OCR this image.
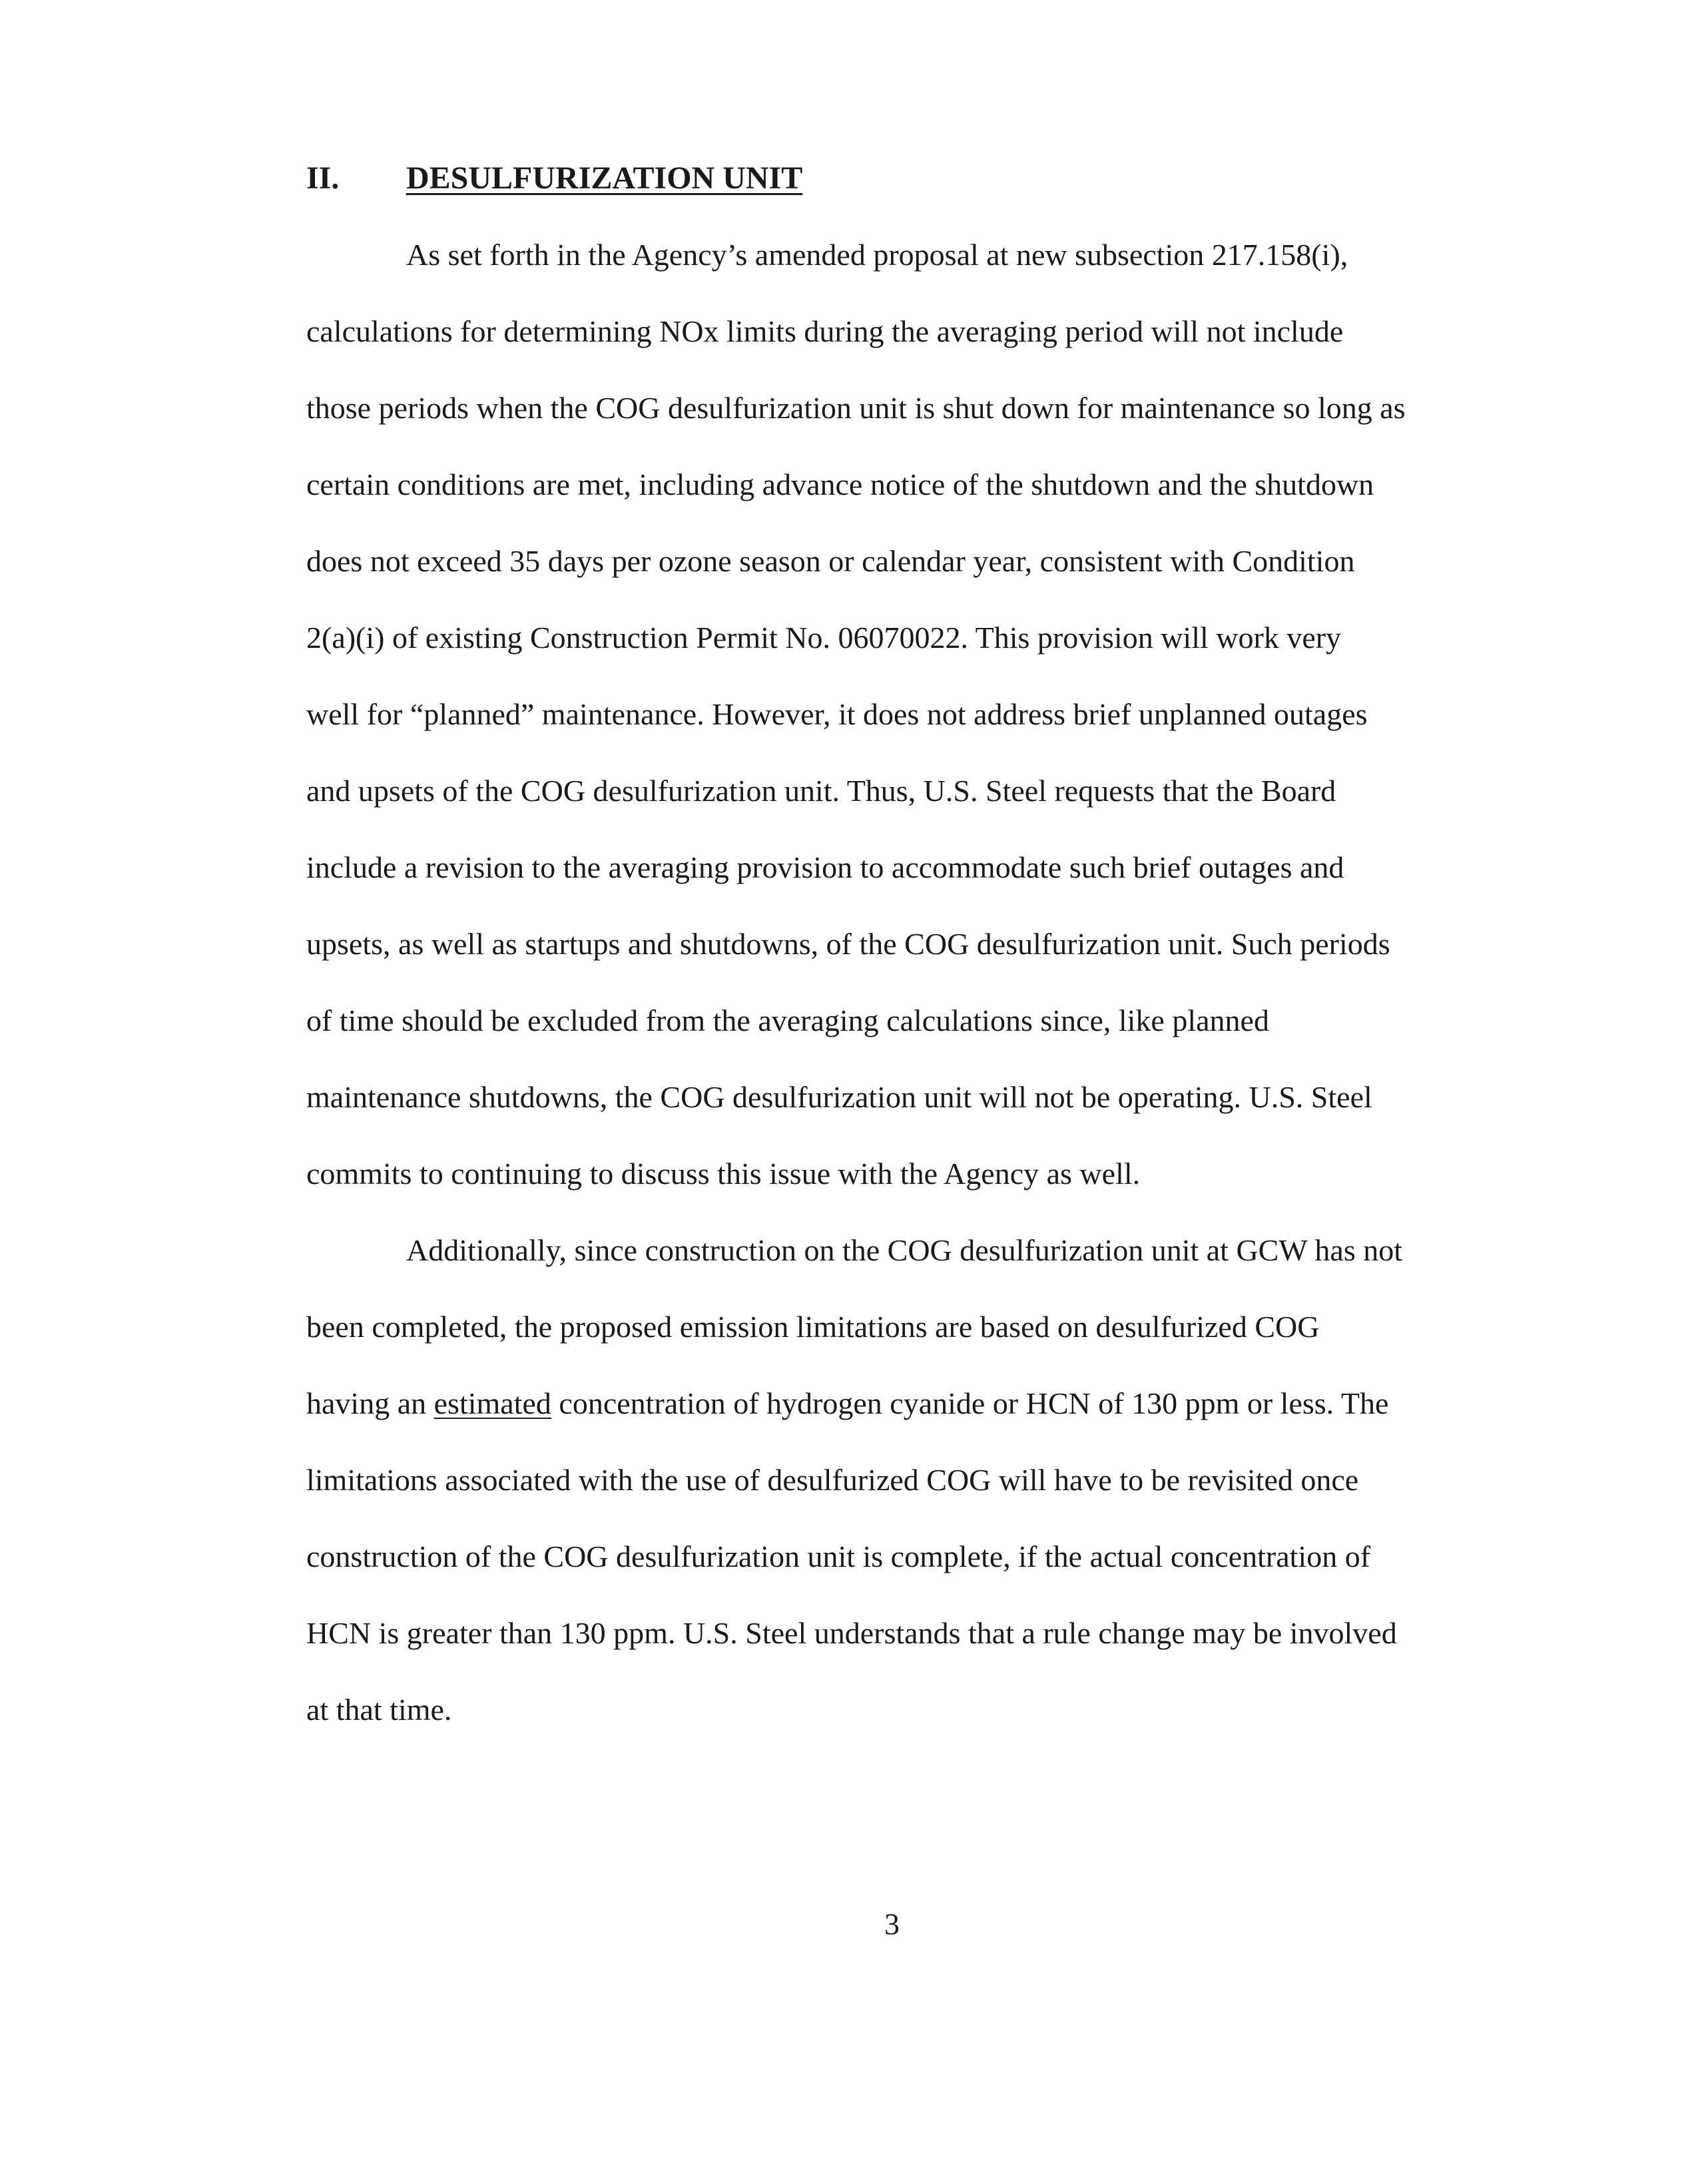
II. DESULFURIZATION UNIT
As set forth in the Agency’s amended proposal at new subsection 217.158(i),
calculations for determining NOx limits during the averaging period will not include
those periods when the COG desulfurization unit is shut down for maintenance so long as
certain conditions are met, including advance notice of the shutdown and the shutdown
does not exceed 35 days per ozone season or calendar year, consistent with Condition
2(a)(i) of existing Construction Permit No. 06070022. This provision will work very
well for “planned” maintenance. However, it does not address brief unplanned outages
and upsets of the COG desulfurization unit. Thus, U.S. Steel requests that the Board
include a revision to the averaging provision to accommodate such brief outages and
upsets, as well as startups and shutdowns, of the COG desulfurization unit. Such periods
of time should be excluded from the averaging calculations since, like planned
maintenance shutdowns, the COG desulfurization unit will not be operating. U.S. Steel
commits to continuing to discuss this issue with the Agency as well.
Additionally, since construction on the COG desulfurization unit at GCW has not
been completed, the proposed emission limitations are based on desulfurized COG
having an estimated concentration of hydrogen cyanide or HCN of 130 ppm or less. The
limitations associated with the use of desulfurized COG will have to be revisited once
construction of the COG desulfurization unit is complete, if the actual concentration of
HCN is greater than 130 ppm. U.S. Steel understands that a rule change may be involved
at that time.
3
